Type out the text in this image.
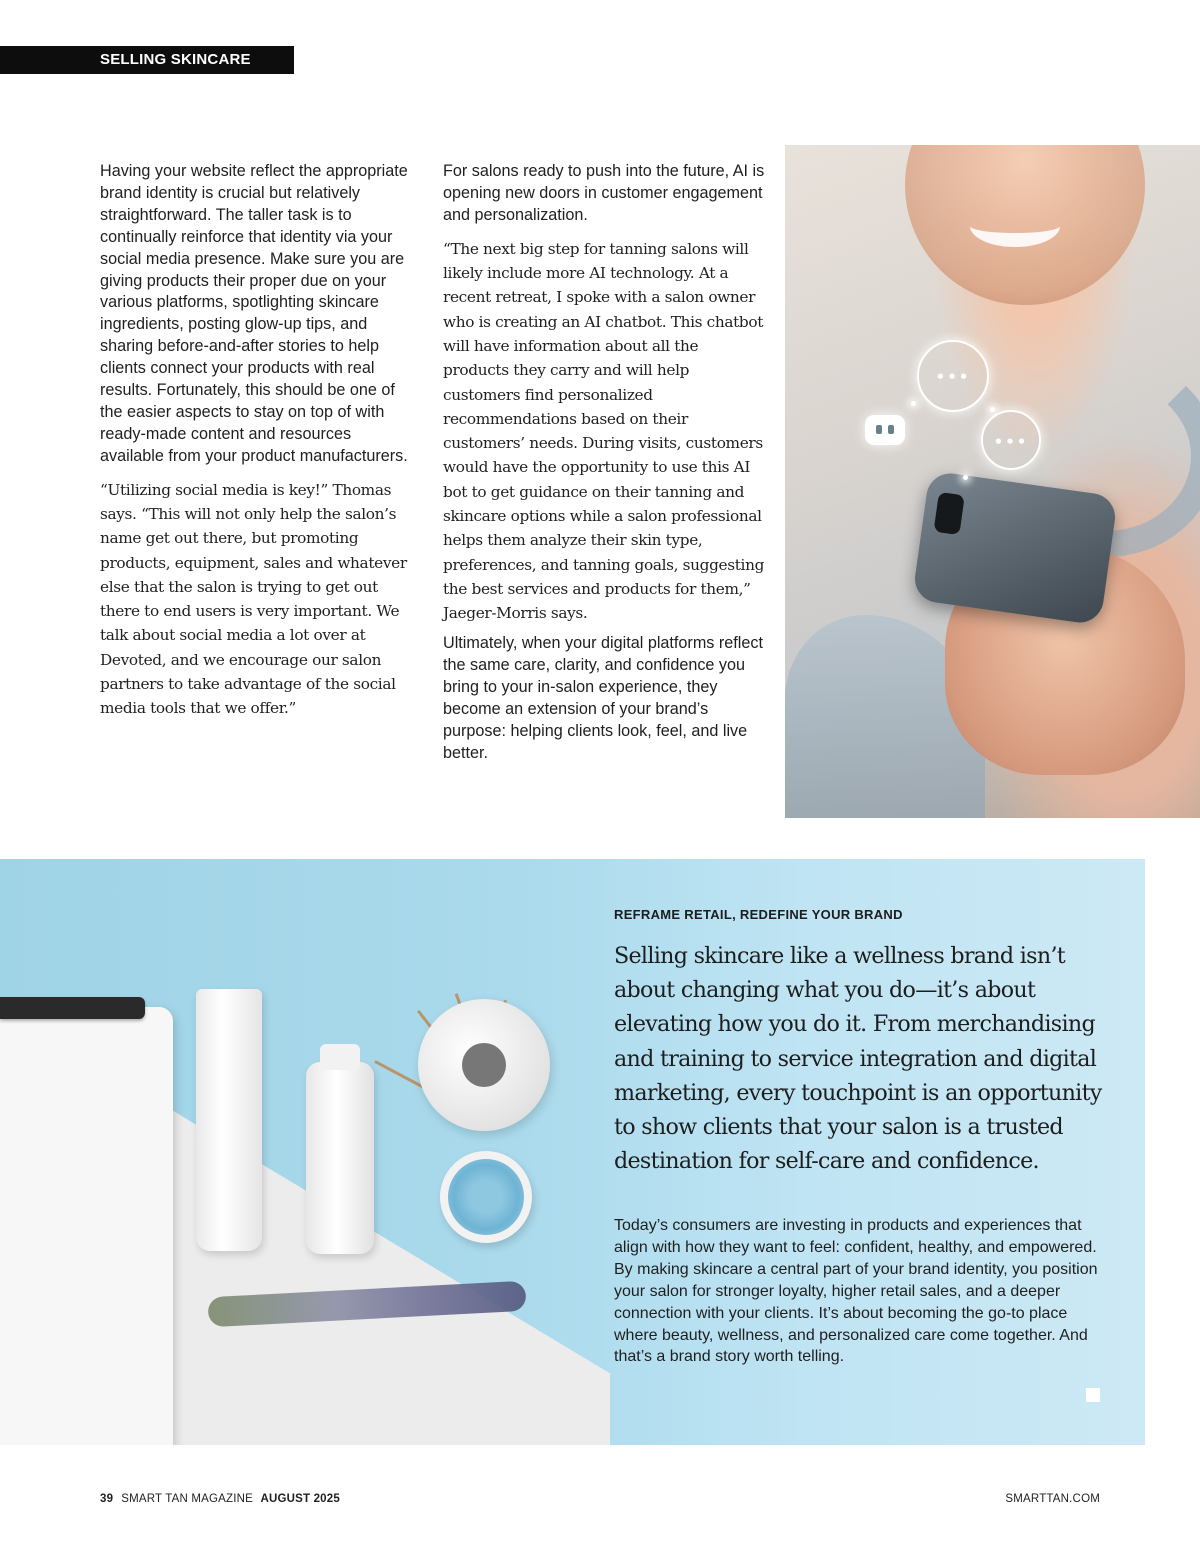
SELLING SKINCARE

Having your website reflect the appropriate brand identity is crucial but relatively straightforward. The taller task is to continually reinforce that identity via your social media presence. Make sure you are giving products their proper due on your various platforms, spotlighting skincare ingredients, posting glow-up tips, and sharing before-and-after stories to help clients connect your products with real results. Fortunately, this should be one of the easier aspects to stay on top of with ready-made content and resources available from your product manufacturers.

“Utilizing social media is key!” Thomas says. “This will not only help the salon’s name get out there, but promoting products, equipment, sales and whatever else that the salon is trying to get out there to end users is very important. We talk about social media a lot over at Devoted, and we encourage our salon partners to take advantage of the social media tools that we offer.”

For salons ready to push into the future, AI is opening new doors in customer engagement and personalization.

“The next big step for tanning salons will likely include more AI technology. At a recent retreat, I spoke with a salon owner who is creating an AI chatbot. This chatbot will have information about all the products they carry and will help customers find personalized recommendations based on their customers’ needs. During visits, customers would have the opportunity to use this AI bot to get guidance on their tanning and skincare options while a salon professional helps them analyze their skin type, preferences, and tanning goals, suggesting the best services and products for them,” Jaeger-Morris says.

Ultimately, when your digital platforms reflect the same care, clarity, and confidence you bring to your in-salon experience, they become an extension of your brand’s purpose: helping clients look, feel, and live better.

•••
•••
REFRAME RETAIL, REDEFINE YOUR BRAND

Selling skincare like a wellness brand isn’t about changing what you do—it’s about elevating how you do it. From merchandising and training to service integration and digital marketing, every touchpoint is an opportunity to show clients that your salon is a trusted destination for self-care and confidence.

Today’s consumers are investing in products and experiences that align with how they want to feel: confident, healthy, and empowered. By making skincare a central part of your brand identity, you position your salon for stronger loyalty, higher retail sales, and a deeper connection with your clients. It’s about becoming the go-to place where beauty, wellness, and personalized care come together. And that’s a brand story worth telling.

39 SMART TAN MAGAZINE AUGUST 2025	SMARTTAN.COM
